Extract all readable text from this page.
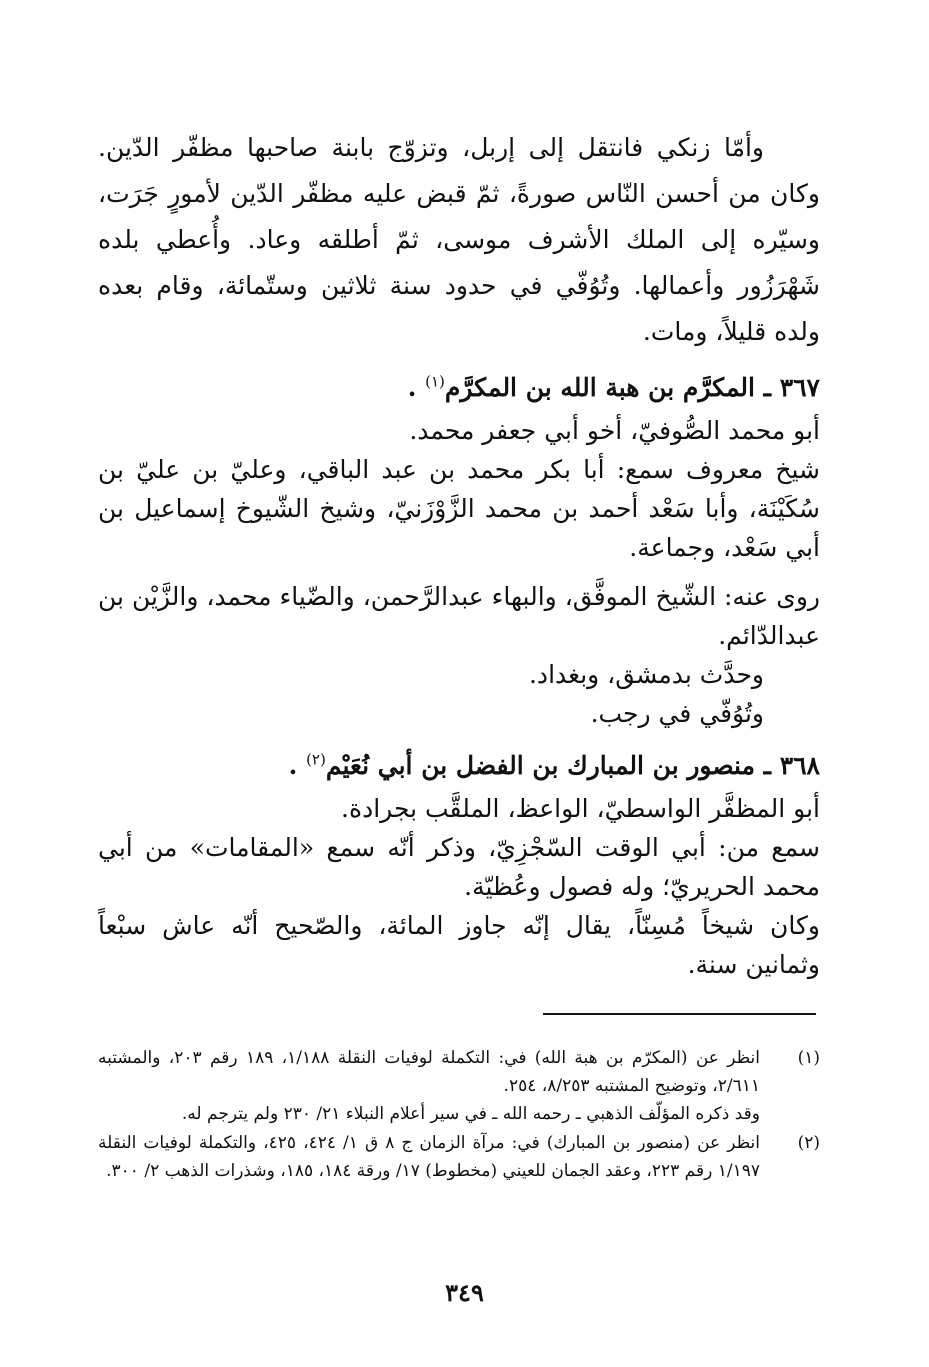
وأمّا زنكي فانتقل إلى إربل، وتزوّج بابنة صاحبها مظفّر الدّين. وكان من أحسن النّاس صورةً، ثمّ قبض عليه مظفّر الدّين لأمورٍ جَرَت، وسيّره إلى الملك الأشرف موسى، ثمّ أطلقه وعاد. وأُعطي بلده شَهْرَزُور وأعمالها. وتُوُفّي في حدود سنة ثلاثين وستّمائة، وقام بعده ولده قليلاً، ومات.

٣٦٧ ـ المكرَّم بن هبة الله بن المكرَّم$^{(١)}$ .

أبو محمد الصُّوفيّ، أخو أبي جعفر محمد.

شيخ معروف سمع: أبا بكر محمد بن عبد الباقي، وعليّ بن عليّ بن سُكَيْنَة، وأبا سَعْد أحمد بن محمد الزَّوْزَنيّ، وشيخ الشّيوخ إسماعيل بن أبي سَعْد، وجماعة.

روى عنه: الشّيخ الموفَّق، والبهاء عبدالرَّحمن، والضّياء محمد، والزَّيْن بن عبدالدّائم.

وحدَّث بدمشق، وبغداد.

وتُوُفّي في رجب.

٣٦٨ ـ منصور بن المبارك بن الفضل بن أبي نُعَيْم$^{(٢)}$ .

أبو المظفَّر الواسطيّ، الواعظ، الملقَّب بجرادة.

سمع من: أبي الوقت السّجْزِيّ، وذكر أنّه سمع «المقامات» من أبي محمد الحريريّ؛ وله فصول وعُظيّة.

وكان شيخاً مُسِنّاً، يقال إنّه جاوز المائة، والصّحيح أنّه عاش سبْعاً وثمانين سنة.

(١)
انظر عن (المكرّم بن هبة الله) في: التكملة لوفيات النقلة ١/١٨٨، ١٨٩ رقم ٢٠٣، والمشتبه ٢/٦١١، وتوضيح المشتبه ٨/٢٥٣، ٢٥٤.
وقد ذكره المؤلّف الذهبي ـ رحمه الله ـ في سير أعلام النبلاء ٢١/ ٢٣٠ ولم يترجم له.
(٢)
انظر عن (منصور بن المبارك) في: مرآة الزمان ج ٨ ق ١/ ٤٢٤، ٤٢٥، والتكملة لوفيات النقلة ١/١٩٧ رقم ٢٢٣، وعقد الجمان للعيني (مخطوط) ١٧/ ورقة ١٨٤، ١٨٥، وشذرات الذهب ٢/ ٣٠٠.
٣٤٩
